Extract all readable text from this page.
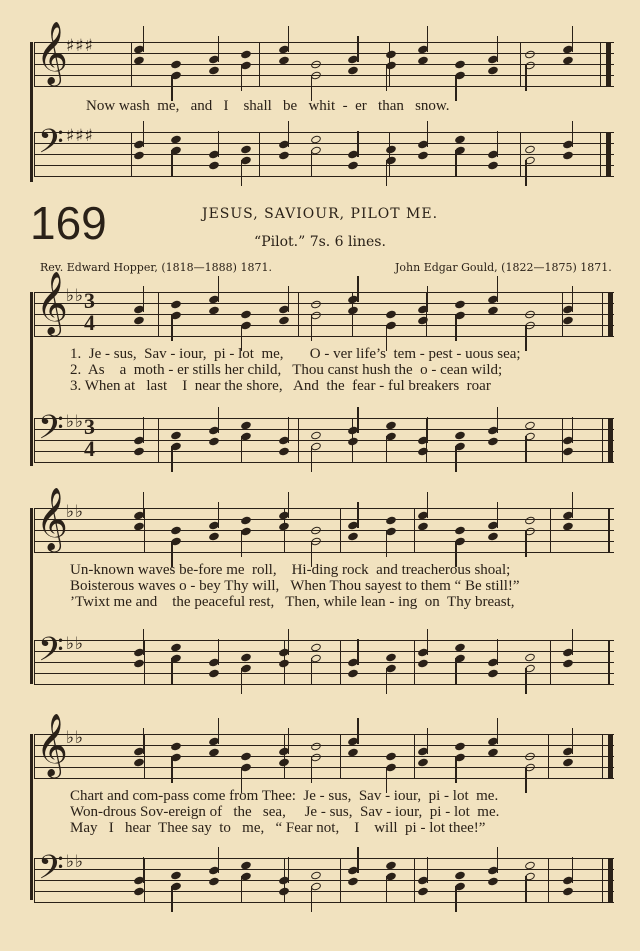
𝄞
♯♯♯
Now wash  me,   and   I    shall   be   whit  -  er   than   snow.
𝄢 ♯♯♯
169	JESUS, SAVIOUR, PILOT ME.
“Pilot.” 7s. 6 lines.
Rev. Edward Hopper, (1818—1888) 1871.	John Edgar Gould, (1822—1875) 1871.
𝄞
♭♭ 3
4
1.  Je - sus,  Sav - iour,  pi - lot  me,       O - ver life’s  tem - pest - uous sea;
2.  As    a  moth - er stills her child,   Thou canst hush the  o - cean wild;
3. When at   last    I  near the shore,   And  the  fear - ful breakers  roar
𝄢 ♭♭ 3
4
𝄞
♭♭
Un-known waves be-fore me  roll,    Hi-ding rock  and treacherous shoal;
Boisterous waves o - bey Thy will,   When Thou sayest to them “ Be still!”
’Twixt me and    the peaceful rest,   Then, while lean - ing  on  Thy breast,
𝄢 ♭♭
𝄞
♭♭
Chart and com-pass come from Thee:  Je - sus,  Sav - iour,  pi - lot  me.
Won-drous Sov-ereign of   the   sea,     Je - sus,  Sav - iour,  pi - lot  me.
May   I   hear  Thee say  to   me,   “ Fear not,    I    will  pi - lot thee!”
𝄢 ♭♭
